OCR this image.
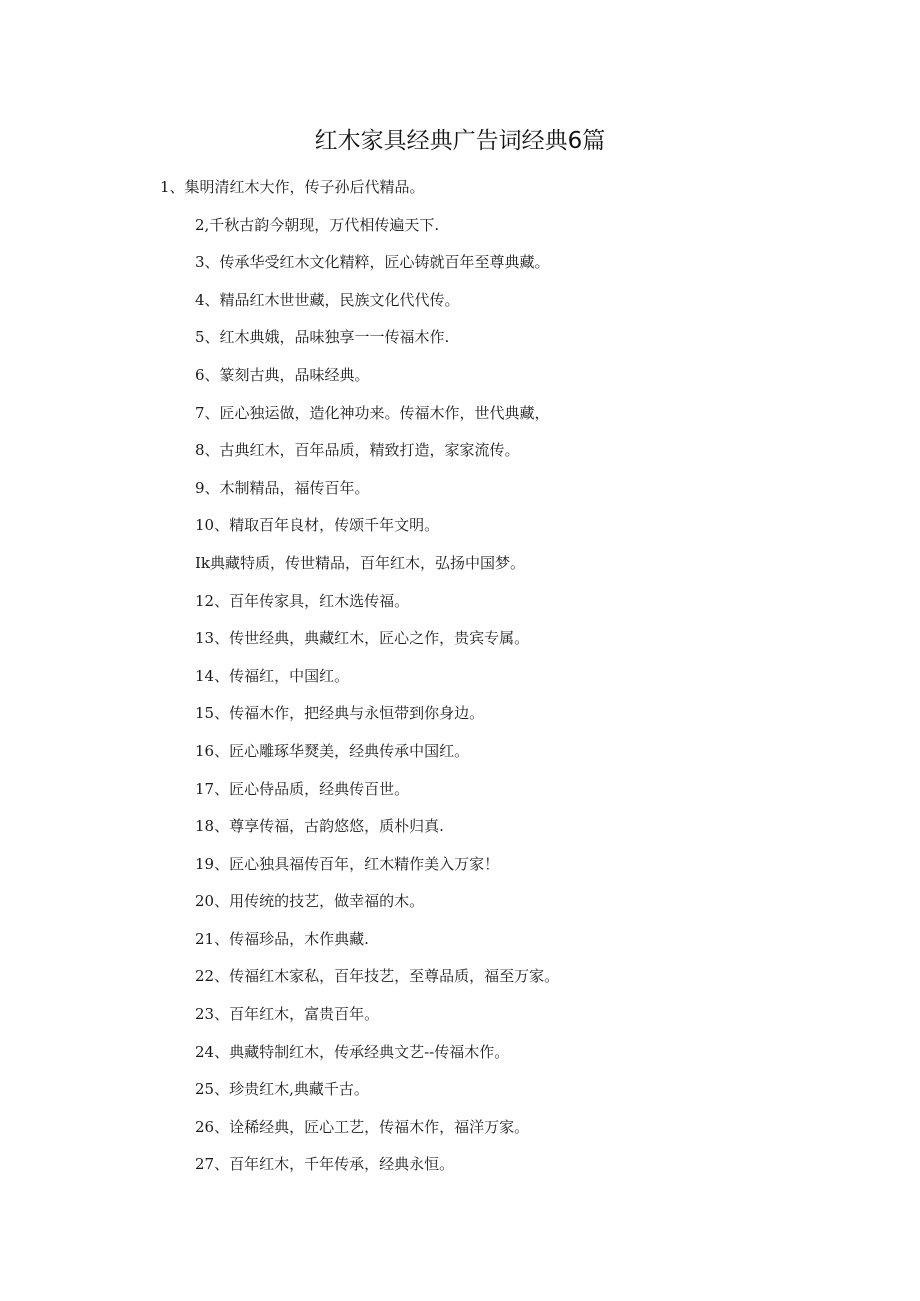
红木家具经典广告词经典6篇
1、集明清红木大作，传子孙后代精品。
2,千秋古韵今朝现，万代相传遍天下.
3、传承华受红木文化精粹，匠心铸就百年至尊典藏。
4、精品红木世世藏，民族文化代代传。
5、红木典娥，品味独享一一传福木作.
6、篆刻古典，品味经典。
7、匠心独运做，造化神功来。传福木作，世代典藏，
8、古典红木，百年品质，精致打造，家家流传。
9、木制精品，福传百年。
10、精取百年良材，传颂千年文明。
Ik典藏特质，传世精品，百年红木，弘扬中国梦。
12、百年传家具，红木选传福。
13、传世经典，典藏红木，匠心之作，贵宾专属。
14、传福红，中国红。
15、传福木作，把经典与永恒带到你身边。
16、匠心雕琢华燹美，经典传承中国红。
17、匠心侍品质，经典传百世。
18、尊享传福，古韵悠悠，质朴归真.
19、匠心独具福传百年，红木精作美入万家！
20、用传统的技艺，做幸福的木。
21、传福珍品，木作典藏.
22、传福红木家私，百年技艺，至尊品质，福至万家。
23、百年红木，富贵百年。
24、典藏特制红木，传承经典文艺--传福木作。
25、珍贵红木,典藏千古。
26、诠稀经典，匠心工艺，传福木作，福洋万家。
27、百年红木，千年传承，经典永恒。
